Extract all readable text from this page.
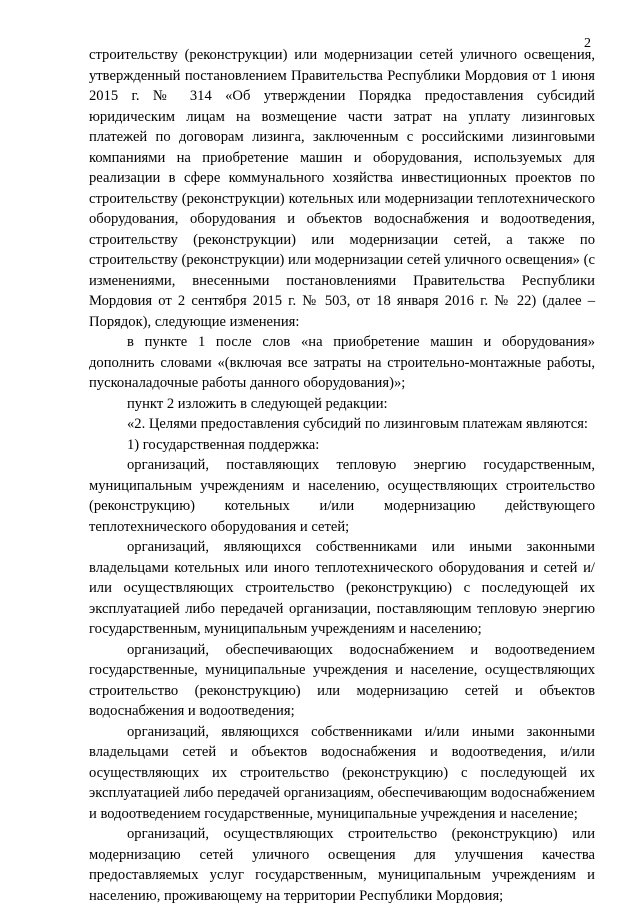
2

строительству (реконструкции) или модернизации сетей уличного освещения, утвержденный постановлением Правительства Республики Мордовия от 1 июня 2015 г. № 314 «Об утверждении Порядка предоставления субсидий юридическим лицам на возмещение части затрат на уплату лизинговых платежей по договорам лизинга, заключенным с российскими лизинговыми компаниями на приобретение машин и оборудования, используемых для реализации в сфере коммунального хозяйства инвестиционных проектов по строительству (реконструкции) котельных или модернизации теплотехнического оборудования, оборудования и объектов водоснабжения и водоотведения, строительству (реконструкции) или модернизации сетей, а также по строительству (реконструкции) или модернизации сетей уличного освещения» (с изменениями, внесенными постановлениями Правительства Республики Мордовия от 2 сентября 2015 г. № 503, от 18 января 2016 г. № 22) (далее – Порядок), следующие изменения:

в пункте 1 после слов «на приобретение машин и оборудования» дополнить словами «(включая все затраты на строительно-монтажные работы, пусконаладочные работы данного оборудования)»;

пункт 2 изложить в следующей редакции:

«2. Целями предоставления субсидий по лизинговым платежам являются:

1) государственная поддержка:

организаций, поставляющих тепловую энергию государственным, муниципальным учреждениям и населению, осуществляющих строительство (реконструкцию) котельных и/или модернизацию действующего теплотехнического оборудования и сетей;

организаций, являющихся собственниками или иными законными владельцами котельных или иного теплотехнического оборудования и сетей и/или осуществляющих строительство (реконструкцию) с последующей их эксплуатацией либо передачей организации, поставляющим тепловую энергию государственным, муниципальным учреждениям и населению;

организаций, обеспечивающих водоснабжением и водоотведением государственные, муниципальные учреждения и население, осуществляющих строительство (реконструкцию) или модернизацию сетей и объектов водоснабжения и водоотведения;

организаций, являющихся собственниками и/или иными законными владельцами сетей и объектов водоснабжения и водоотведения, и/или осуществляющих их строительство (реконструкцию) с последующей их эксплуатацией либо передачей организациям, обеспечивающим водоснабжением и водоотведением государственные, муниципальные учреждения и население;

организаций, осуществляющих строительство (реконструкцию) или модернизацию сетей уличного освещения для улучшения качества предоставляемых услуг государственным, муниципальным учреждениям и населению, проживающему на территории Республики Мордовия;
